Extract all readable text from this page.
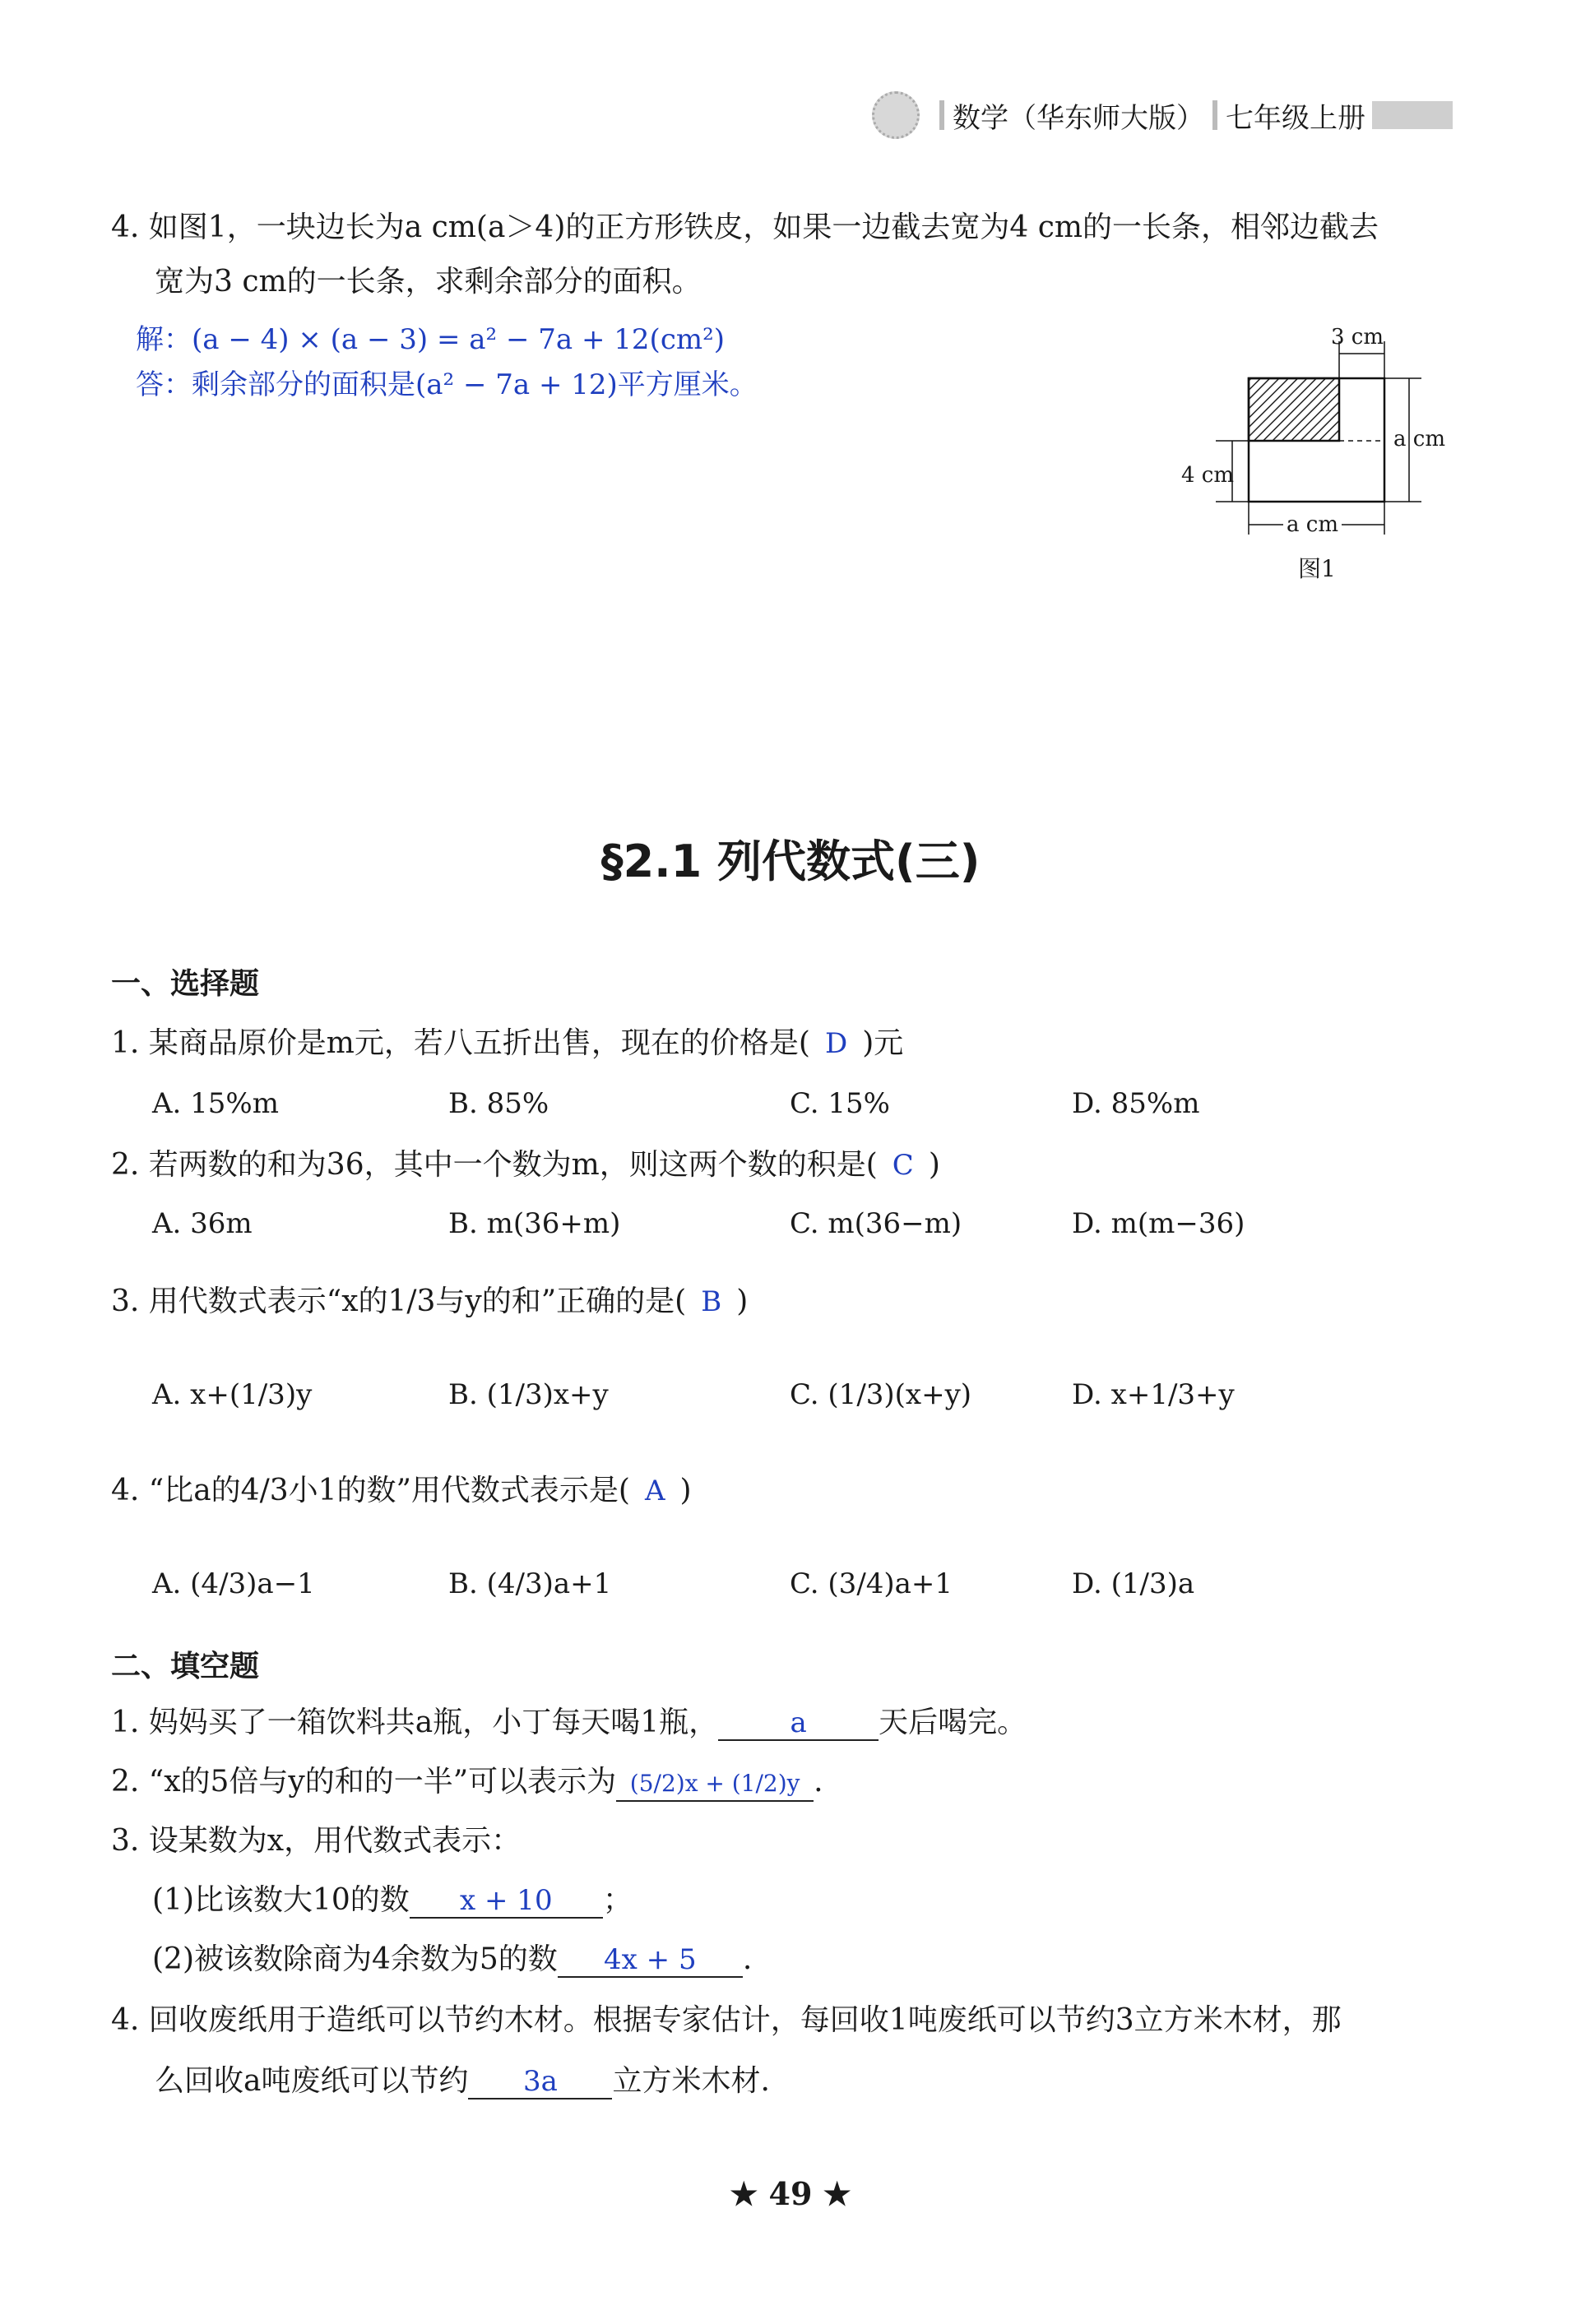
数学（华东师大版） 七年级上册
4. 如图1，一块边长为a cm(a＞4)的正方形铁皮，如果一边截去宽为4 cm的一长条，相邻边截去
宽为3 cm的一长条，求剩余部分的面积。
解：(a − 4) × (a − 3) = a² − 7a + 12(cm²)
答：剩余部分的面积是(a² − 7a + 12)平方厘米。
3 cm
a cm
4 cm
a cm
图1
§2.1 列代数式(三)
一、选择题
1. 某商品原价是m元，若八五折出售，现在的价格是( D )元
A. 15%m	B. 85%	C. 15%	D. 85%m
2. 若两数的和为36，其中一个数为m，则这两个数的积是( C )
A. 36m	B. m(36+m)	C. m(36−m)	D. m(m−36)
3. 用代数式表示“x的1/3与y的和”正确的是( B )
A. x+(1/3)y	B. (1/3)x+y	C. (1/3)(x+y)	D. x+1/3+y
4. “比a的4/3小1的数”用代数式表示是( A )
A. (4/3)a−1	B. (4/3)a+1	C. (3/4)a+1	D. (1/3)a
二、填空题
1. 妈妈买了一箱饮料共a瓶，小丁每天喝1瓶，	a 天后喝完。
2. “x的5倍与y的和的一半”可以表示为 (5/2)x + (1/2)y .
3. 设某数为x，用代数式表示：
(1)比该数大10的数 x + 10 ；
(2)被该数除商为4余数为5的数 4x + 5 .
4. 回收废纸用于造纸可以节约木材。根据专家估计，每回收1吨废纸可以节约3立方米木材，那
么回收a吨废纸可以节约 3a 立方米木材.
★ 49 ★
